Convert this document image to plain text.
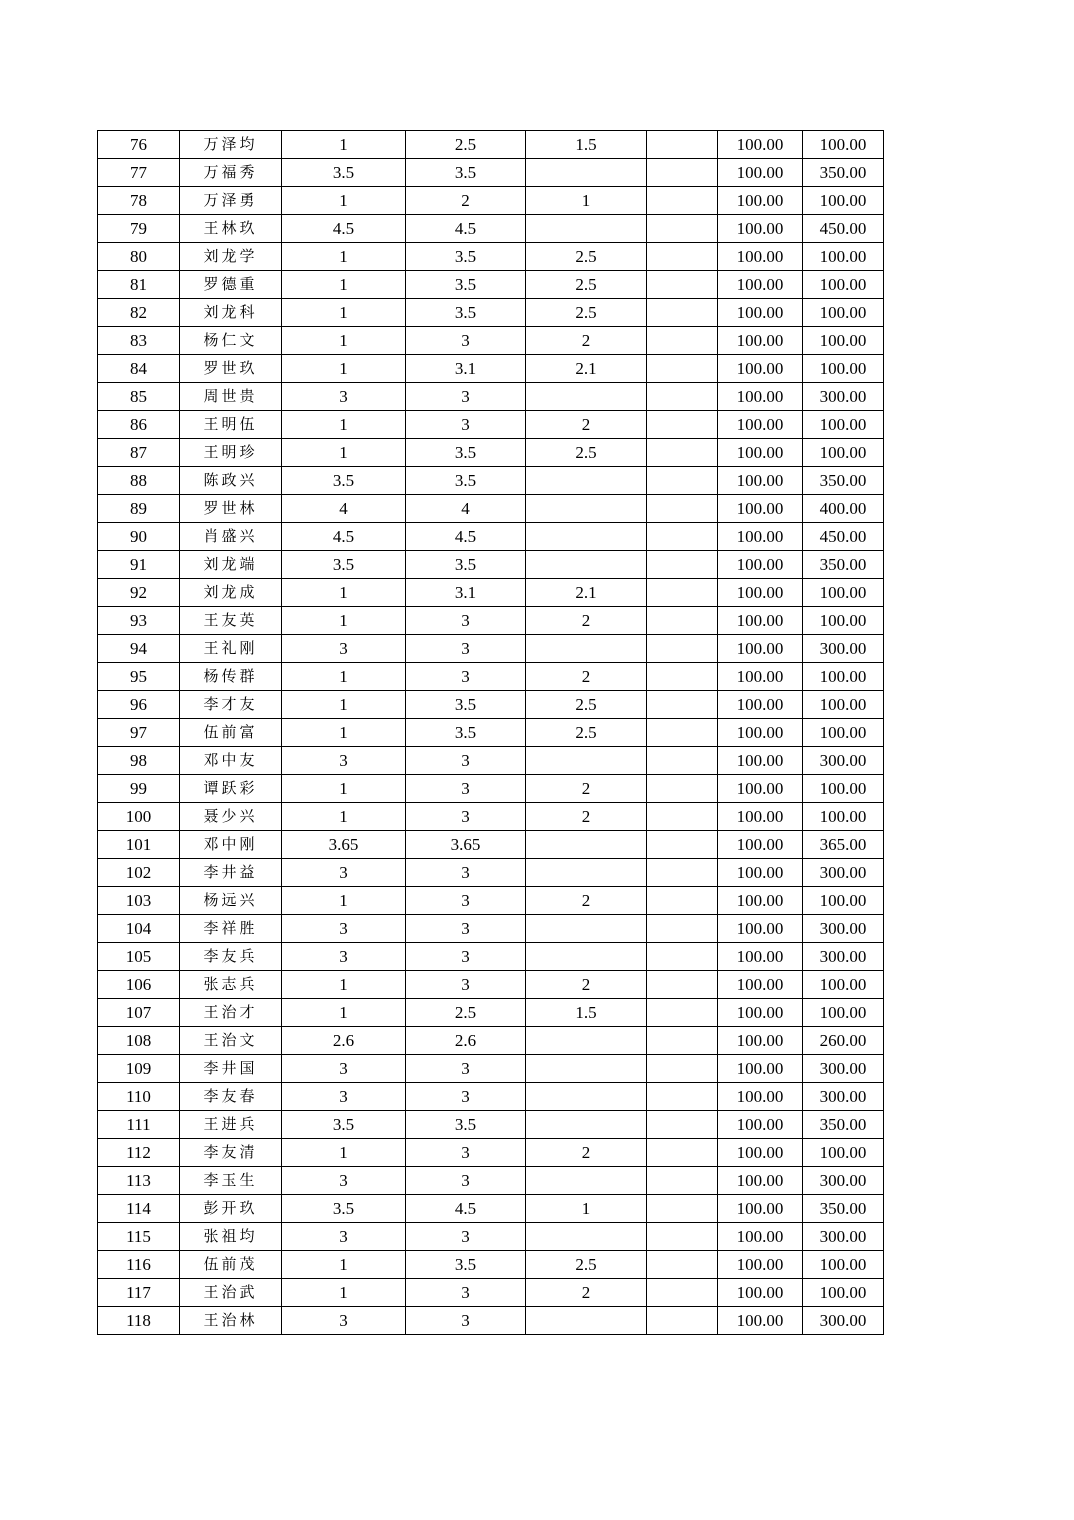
76	万泽均	1	2.5	1.5		100.00	100.00
77	万福秀	3.5	3.5			100.00	350.00
78	万泽勇	1	2	1		100.00	100.00
79	王林玖	4.5	4.5			100.00	450.00
80	刘龙学	1	3.5	2.5		100.00	100.00
81	罗德重	1	3.5	2.5		100.00	100.00
82	刘龙科	1	3.5	2.5		100.00	100.00
83	杨仁文	1	3	2		100.00	100.00
84	罗世玖	1	3.1	2.1		100.00	100.00
85	周世贵	3	3			100.00	300.00
86	王明伍	1	3	2		100.00	100.00
87	王明珍	1	3.5	2.5		100.00	100.00
88	陈政兴	3.5	3.5			100.00	350.00
89	罗世林	4	4			100.00	400.00
90	肖盛兴	4.5	4.5			100.00	450.00
91	刘龙端	3.5	3.5			100.00	350.00
92	刘龙成	1	3.1	2.1		100.00	100.00
93	王友英	1	3	2		100.00	100.00
94	王礼刚	3	3			100.00	300.00
95	杨传群	1	3	2		100.00	100.00
96	李才友	1	3.5	2.5		100.00	100.00
97	伍前富	1	3.5	2.5		100.00	100.00
98	邓中友	3	3			100.00	300.00
99	谭跃彩	1	3	2		100.00	100.00
100	聂少兴	1	3	2		100.00	100.00
101	邓中刚	3.65	3.65			100.00	365.00
102	李井益	3	3			100.00	300.00
103	杨远兴	1	3	2		100.00	100.00
104	李祥胜	3	3			100.00	300.00
105	李友兵	3	3			100.00	300.00
106	张志兵	1	3	2		100.00	100.00
107	王治才	1	2.5	1.5		100.00	100.00
108	王治文	2.6	2.6			100.00	260.00
109	李井国	3	3			100.00	300.00
110	李友春	3	3			100.00	300.00
111	王进兵	3.5	3.5			100.00	350.00
112	李友清	1	3	2		100.00	100.00
113	李玉生	3	3			100.00	300.00
114	彭开玖	3.5	4.5	1		100.00	350.00
115	张祖均	3	3			100.00	300.00
116	伍前茂	1	3.5	2.5		100.00	100.00
117	王治武	1	3	2		100.00	100.00
118	王治林	3	3			100.00	300.00
